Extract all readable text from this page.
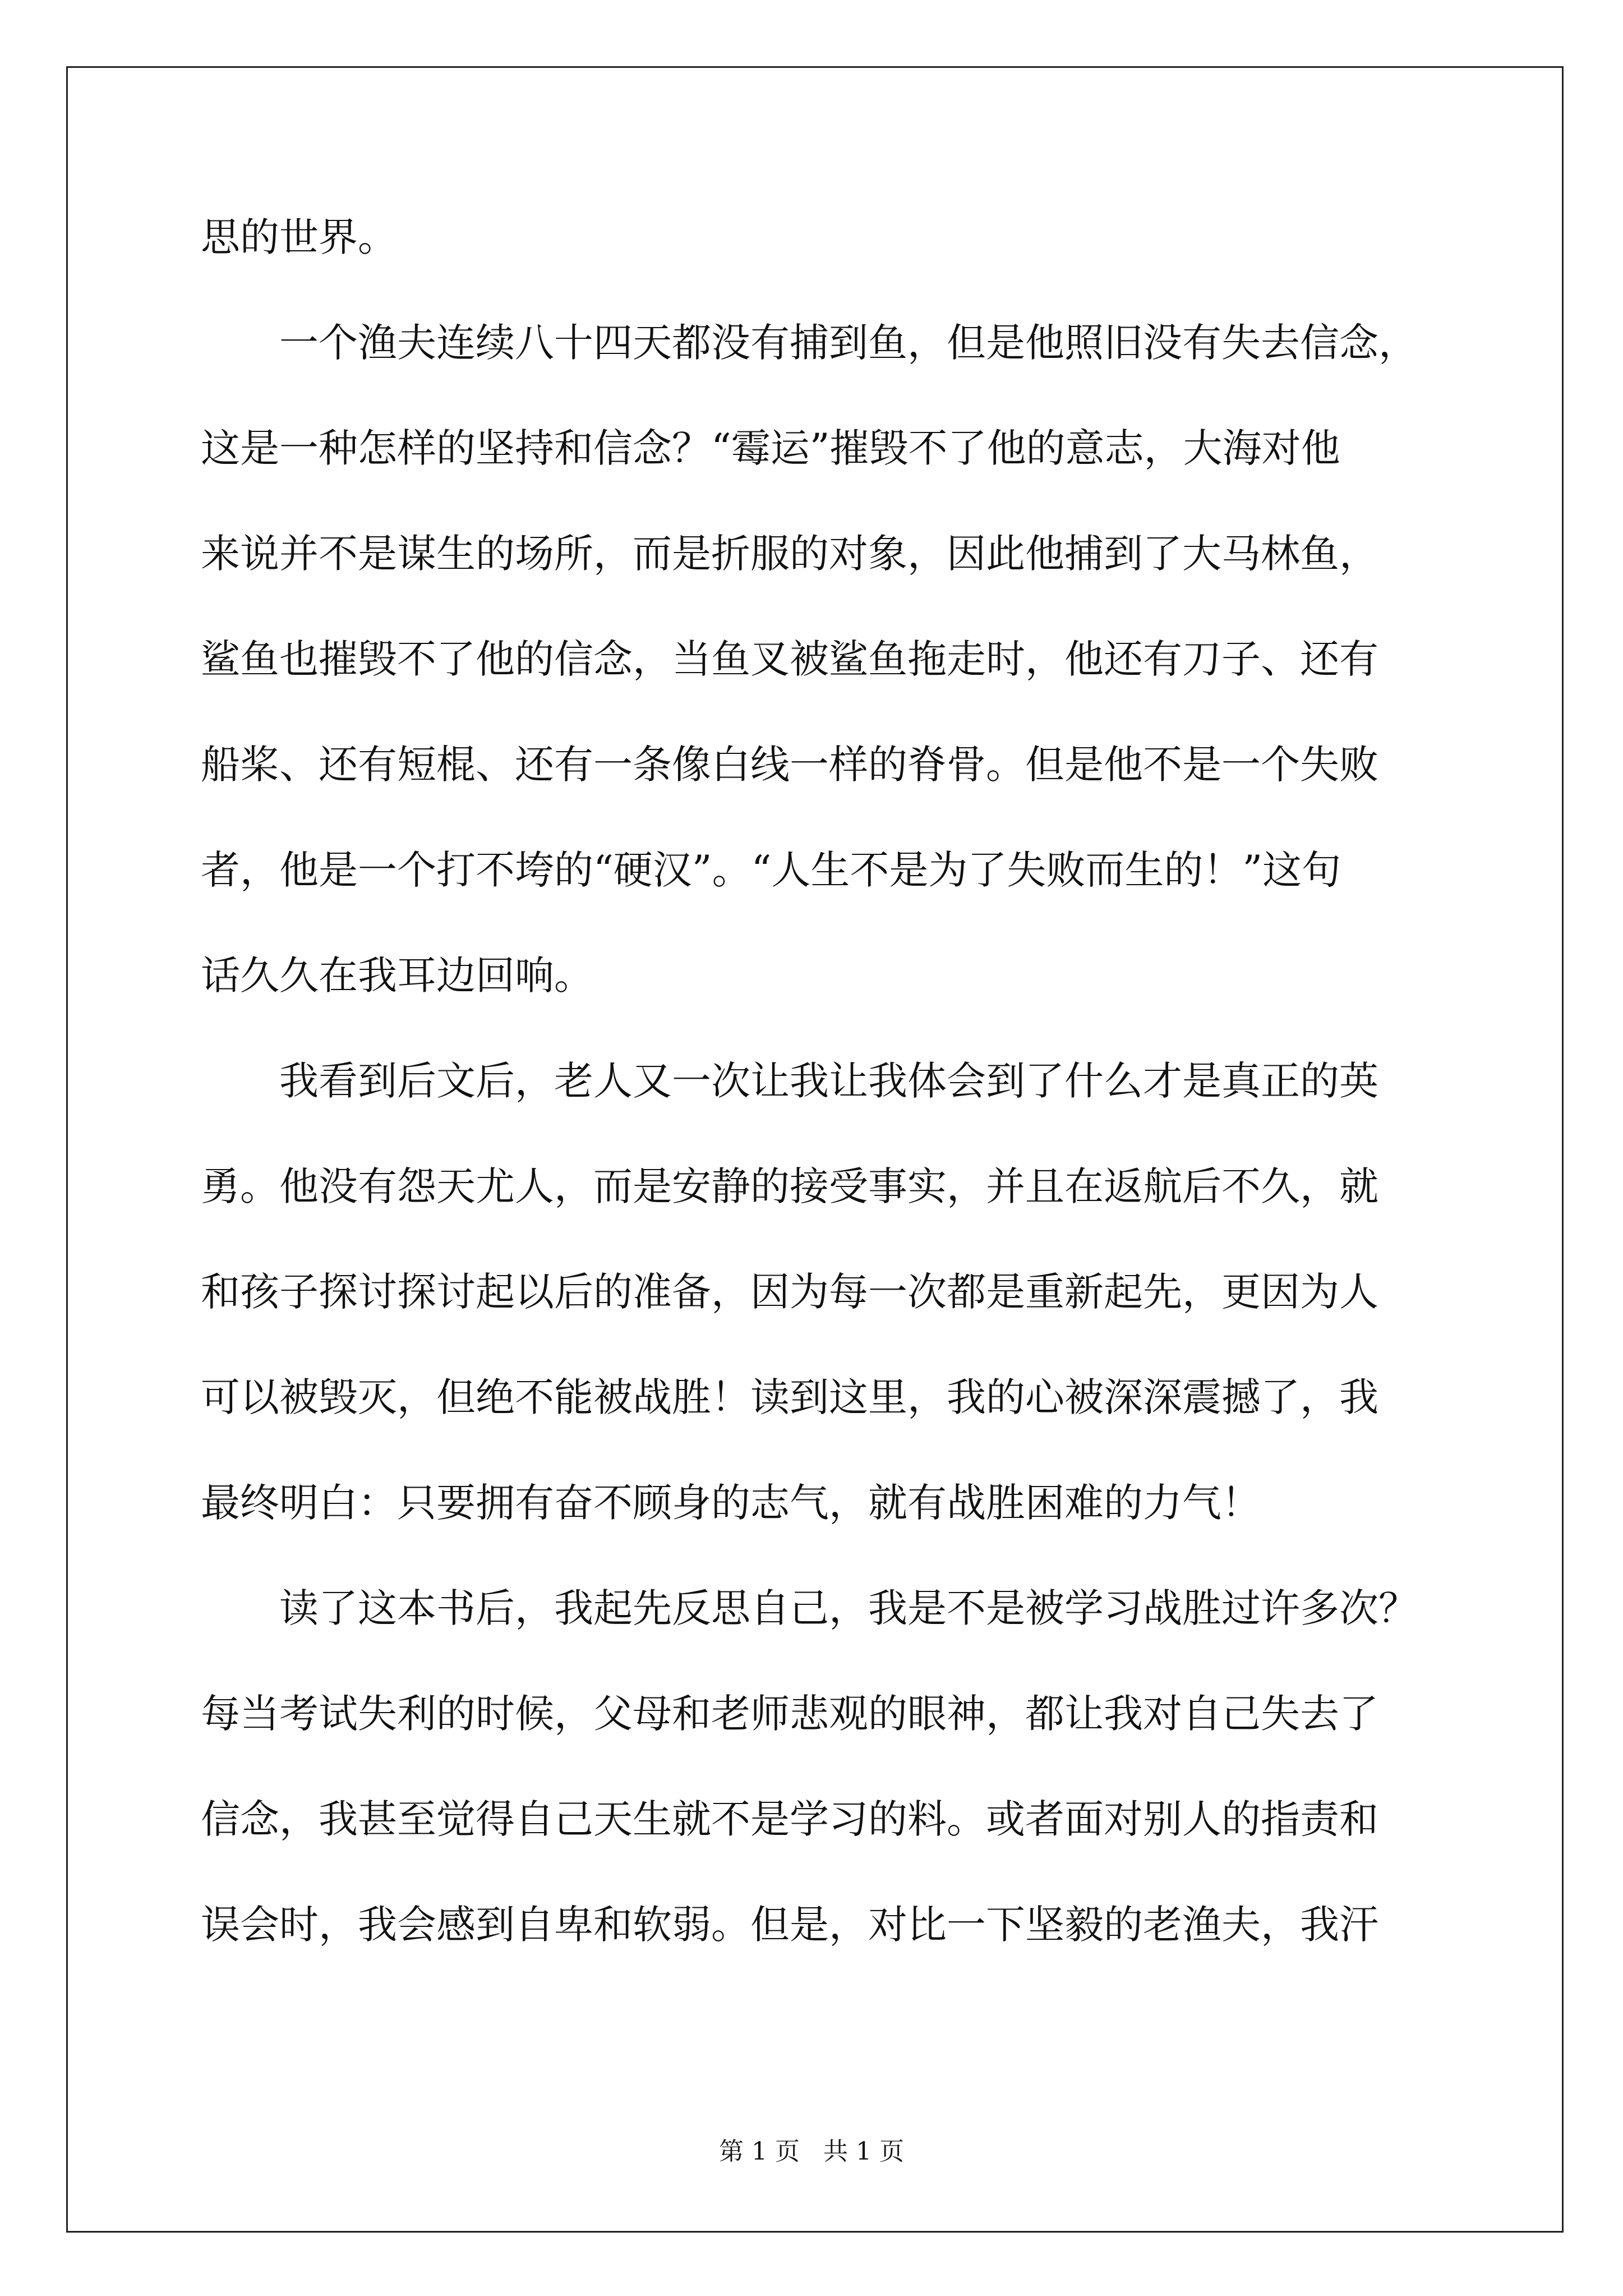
思的世界。
　　一个渔夫连续八十四天都没有捕到鱼，但是他照旧没有失去信念，
这是一种怎样的坚持和信念？“霉运”摧毁不了他的意志，大海对他
来说并不是谋生的场所，而是折服的对象，因此他捕到了大马林鱼，
鲨鱼也摧毁不了他的信念，当鱼叉被鲨鱼拖走时，他还有刀子、还有
船桨、还有短棍、还有一条像白线一样的脊骨。但是他不是一个失败
者，他是一个打不垮的“硬汉”。“人生不是为了失败而生的！”这句
话久久在我耳边回响。
　　我看到后文后，老人又一次让我让我体会到了什么才是真正的英
勇。他没有怨天尤人，而是安静的接受事实，并且在返航后不久，就
和孩子探讨探讨起以后的准备，因为每一次都是重新起先，更因为人
可以被毁灭，但绝不能被战胜！读到这里，我的心被深深震撼了，我
最终明白：只要拥有奋不顾身的志气，就有战胜困难的力气！
　　读了这本书后，我起先反思自己，我是不是被学习战胜过许多次？
每当考试失利的时候，父母和老师悲观的眼神，都让我对自己失去了
信念，我甚至觉得自己天生就不是学习的料。或者面对别人的指责和
误会时，我会感到自卑和软弱。但是，对比一下坚毅的老渔夫，我汗
第 1 页   共 1 页
